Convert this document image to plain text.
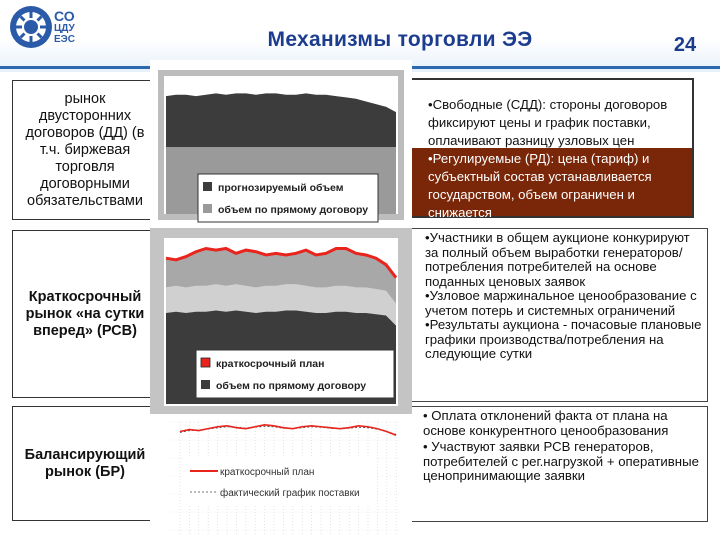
СО
ЦДУ
ЕЭС	Механизмы торговли ЭЭ	24
рынок двусторонних договоров (ДД) (в т.ч. биржевая торговля договорными обязательствами
Краткосрочный рынок «на сутки вперед» (РСВ)
Балансирующий рынок (БР)
•Свободные (СДД): стороны договоров фиксируют цены и график поставки, оплачивают разницу узловых цен
•Регулируемые (РД): цена (тариф) и субъектный состав устанавливается государством, объем ограничен и снижается
•Участники в общем аукционе конкурируют за полный объем выработки генераторов/потребления потребителей на основе поданных ценовых заявок
•Узловое маржинальное ценообразование с учетом потерь и системных ограничений
•Результаты аукциона - почасовые плановые графики производства/потребления на следующие сутки
• Оплата отклонений факта от плана на основе конкурентного ценообразования
• Участвуют заявки РСВ генераторов, потребителей с рег.нагрузкой + оперативные ценопринимающие заявки
прогнозируемый объем
объем по прямому договору
краткосрочный план
объем по прямому договору
краткосрочный план
фактический график поставки
